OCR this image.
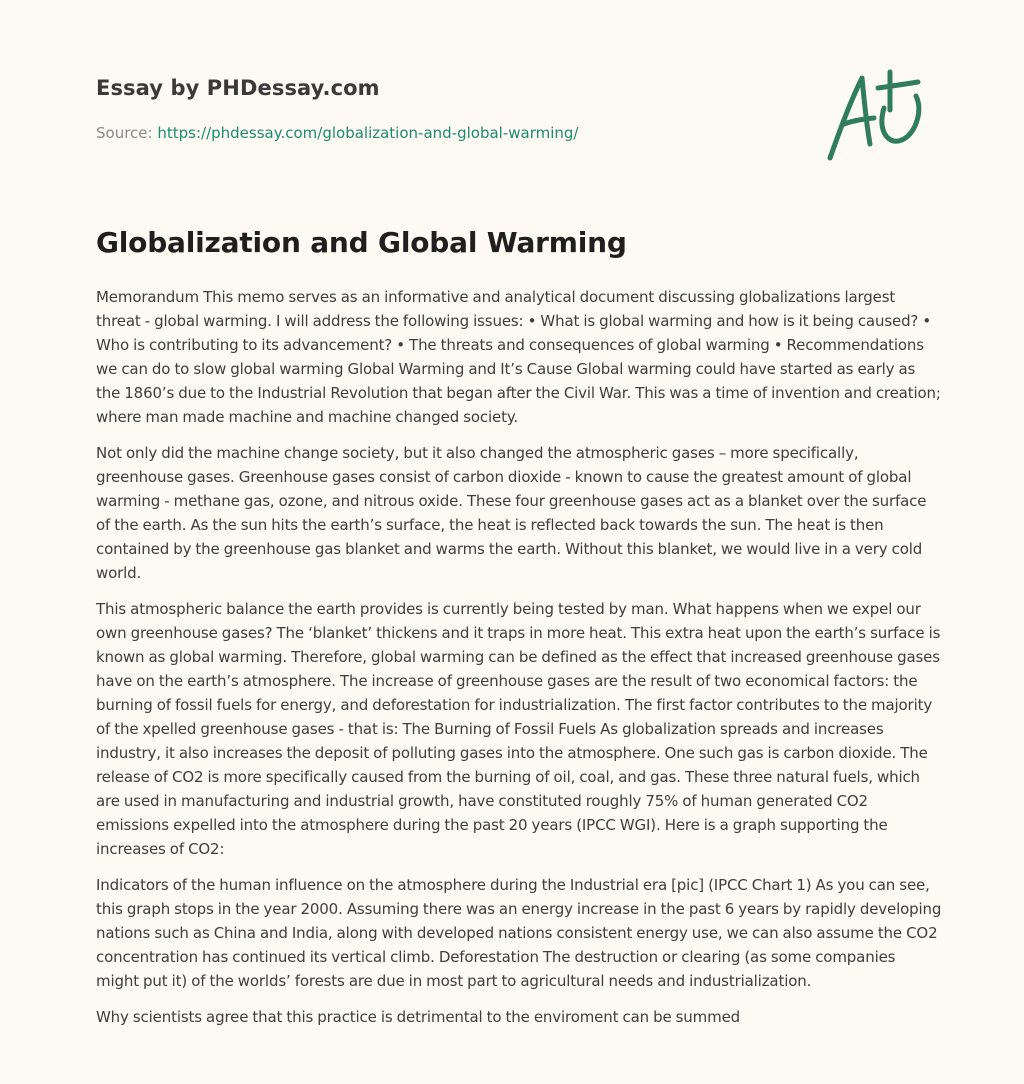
Essay by PHDessay.com
Source: https://phdessay.com/globalization-and-global-warming/
Globalization and Global Warming

Memorandum This memo serves as an informative and analytical document discussing globalizations largest threat - global warming. I will address the following issues: • What is global warming and how is it being caused? • Who is contributing to its advancement? • The threats and consequences of global warming • Recommendations we can do to slow global warming Global Warming and It’s Cause Global warming could have started as early as the 1860’s due to the Industrial Revolution that began after the Civil War. This was a time of invention and creation; where man made machine and machine changed society.

Not only did the machine change society, but it also changed the atmospheric gases – more specifically, greenhouse gases. Greenhouse gases consist of carbon dioxide - known to cause the greatest amount of global warming - methane gas, ozone, and nitrous oxide. These four greenhouse gases act as a blanket over the surface of the earth. As the sun hits the earth’s surface, the heat is reflected back towards the sun. The heat is then contained by the greenhouse gas blanket and warms the earth. Without this blanket, we would live in a very cold world.

This atmospheric balance the earth provides is currently being tested by man. What happens when we expel our own greenhouse gases? The ‘blanket’ thickens and it traps in more heat. This extra heat upon the earth’s surface is known as global warming. Therefore, global warming can be defined as the effect that increased greenhouse gases have on the earth’s atmosphere. The increase of greenhouse gases are the result of two economical factors: the burning of fossil fuels for energy, and deforestation for industrialization. The first factor contributes to the majority of the xpelled greenhouse gases - that is: The Burning of Fossil Fuels As globalization spreads and increases industry, it also increases the deposit of polluting gases into the atmosphere. One such gas is carbon dioxide. The release of CO2 is more specifically caused from the burning of oil, coal, and gas. These three natural fuels, which are used in manufacturing and industrial growth, have constituted roughly 75% of human generated CO2 emissions expelled into the atmosphere during the past 20 years (IPCC WGI). Here is a graph supporting the increases of CO2:

Indicators of the human influence on the atmosphere during the Industrial era [pic] (IPCC Chart 1) As you can see, this graph stops in the year 2000. Assuming there was an energy increase in the past 6 years by rapidly developing nations such as China and India, along with developed nations consistent energy use, we can also assume the CO2 concentration has continued its vertical climb. Deforestation The destruction or clearing (as some companies might put it) of the worlds’ forests are due in most part to agricultural needs and industrialization.

Why scientists agree that this practice is detrimental to the enviroment can be summed
